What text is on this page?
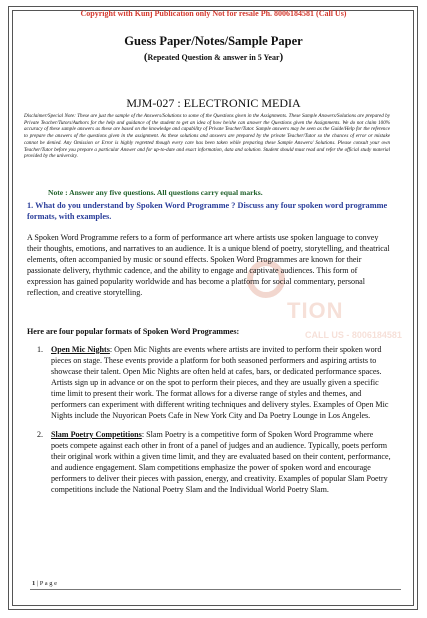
Copyright with Kunj Publication only Not for resale Ph. 8006184581 (Call Us)
Guess Paper/Notes/Sample Paper
(Repeated Question & answer in 5 Year)
MJM-027 : ELECTRONIC MEDIA
Disclaimer/Special Note: These are just the sample of the Answers/Solutions to some of the Questions given in the Assignments. These Sample Answers/Solutions are prepared by Private Teacher/Tutors/Authors for the help and guidance of the student to get an idea of how he/she can answer the Questions given the Assignments. We do not claim 100% accuracy of these sample answers as these are based on the knowledge and capability of Private Teacher/Tutor. Sample answers may be seen as the Guide/Help for the reference to prepare the answers of the questions given in the assignment. As these solutions and answers are prepared by the private Teacher/Tutor so the chances of error or mistake cannot be denied. Any Omission or Error is highly regretted though every care has been taken while preparing these Sample Answers/ Solutions. Please consult your own Teacher/Tutor before you prepare a particular Answer and for up-to-date and exact information, data and solution. Student should must read and refer the official study material provided by the university.
Note : Answer any five questions. All questions carry equal marks.
1. What do you understand by Spoken Word Programme ? Discuss any four spoken word programme formats, with examples.
TION
CALL US - 8006184581
A Spoken Word Programme refers to a form of performance art where artists use spoken language to convey their thoughts, emotions, and narratives to an audience. It is a unique blend of poetry, storytelling, and theatrical elements, often accompanied by music or sound effects. Spoken Word Programmes are known for their passionate delivery, rhythmic cadence, and the ability to engage and captivate audiences. This form of expression has gained popularity worldwide and has become a platform for social commentary, personal reflection, and creative storytelling.
Here are four popular formats of Spoken Word Programmes:
1. Open Mic Nights: Open Mic Nights are events where artists are invited to perform their spoken word pieces on stage. These events provide a platform for both seasoned performers and aspiring artists to showcase their talent. Open Mic Nights are often held at cafes, bars, or dedicated performance spaces. Artists sign up in advance or on the spot to perform their pieces, and they are usually given a specific time limit to present their work. The format allows for a diverse range of styles and themes, and performers can experiment with different writing techniques and delivery styles. Examples of Open Mic Nights include the Nuyorican Poets Cafe in New York City and Da Poetry Lounge in Los Angeles.
2. Slam Poetry Competitions: Slam Poetry is a competitive form of Spoken Word Programme where poets compete against each other in front of a panel of judges and an audience. Typically, poets perform their original work within a given time limit, and they are evaluated based on their content, performance, and audience engagement. Slam competitions emphasize the power of spoken word and encourage performers to deliver their pieces with passion, energy, and creativity. Examples of popular Slam Poetry competitions include the National Poetry Slam and the Individual World Poetry Slam.
1 | P a g e
